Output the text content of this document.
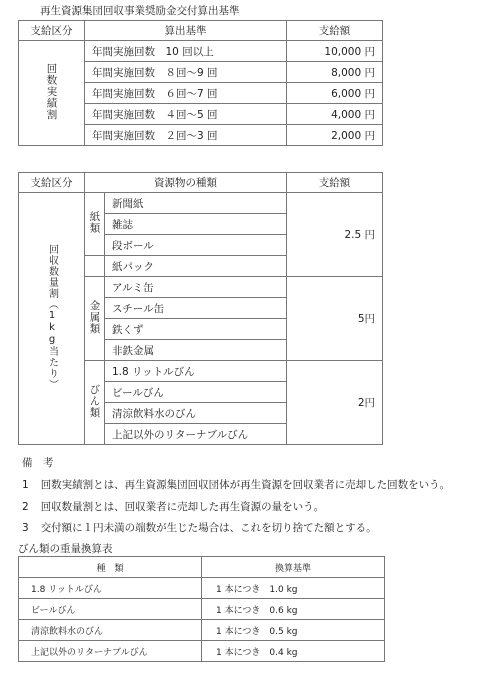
再生資源集団回収事業奨励金交付算出基準
支給区分	算出基準	支給額
回数実績割	年間実施回数　10 回以上	10,000 円
	年間実施回数　８回～9 回	8,000 円
	年間実施回数　６回～7 回	6,000 円
	年間実施回数　４回～5 回	4,000 円
	年間実施回数　２回～3 回	2,000 円
支給区分	資源物の種類		支給額
回収数量割（1kg当たり）	紙類	新聞紙	2.5 円
		雑誌	
		段ボール	
		紙パック	
	金属類	アルミ缶	5円
		スチール缶	
		鉄くず	
		非鉄金属	
	びん類	1.8 リットルびん	2円
		ビールびん	
		清涼飲料水のびん	
		上記以外のリターナブルびん	
備　考
1 回数実績割とは、再生資源集団回収団体が再生資源を回収業者に売却した回数をいう。
2 回収数量割とは、回収業者に売却した再生資源の量をいう。
3 交付額に１円未満の端数が生じた場合は、これを切り捨てた額とする。
びん類の重量換算表
種　類	換算基準
1.8 リットルびん	1 本につき　1.0 kg
ビールびん	1 本につき　0.6 kg
清涼飲料水のびん	1 本につき　0.5 kg
上記以外のリターナブルびん	1 本につき　0.4 kg
